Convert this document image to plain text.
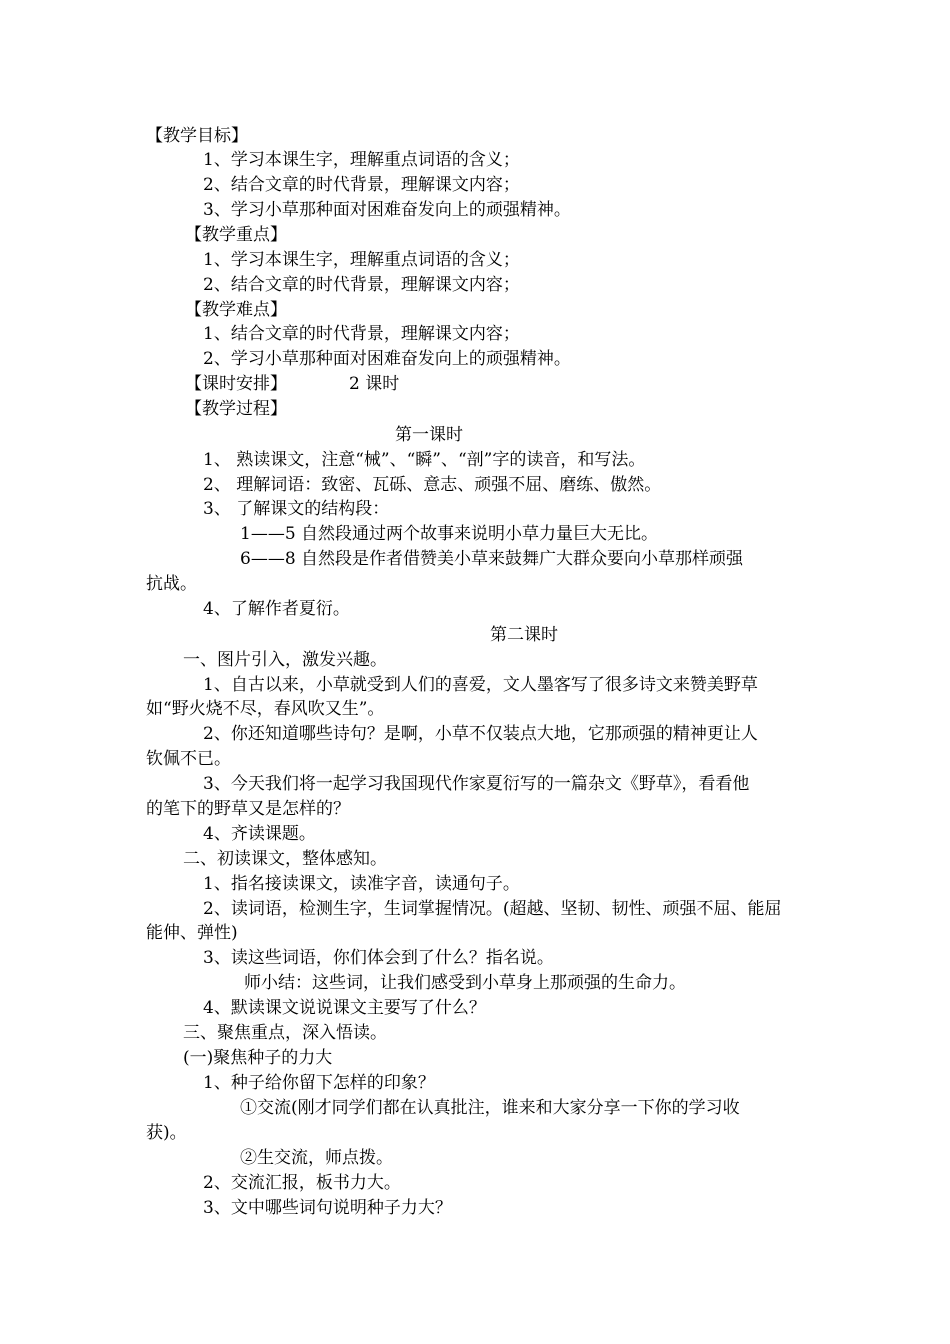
【教学目标】
1、学习本课生字，理解重点词语的含义；
2、结合文章的时代背景，理解课文内容；
3、学习小草那种面对困难奋发向上的顽强精神。
【教学重点】
1、学习本课生字，理解重点词语的含义；
2、结合文章的时代背景，理解课文内容；
【教学难点】
1、结合文章的时代背景，理解课文内容；
2、学习小草那种面对困难奋发向上的顽强精神。
【课时安排】	2 课时
【教学过程】
第一课时
1、 熟读课文，注意“械”、“瞬”、“剖”字的读音，和写法。
2、 理解词语：致密、瓦砾、意志、顽强不屈、磨练、傲然。
3、 了解课文的结构段：
1——5 自然段通过两个故事来说明小草力量巨大无比。
6——8 自然段是作者借赞美小草来鼓舞广大群众要向小草那样顽强
抗战。
4、了解作者夏衍。
第二课时
一、图片引入，激发兴趣。
1、自古以来，小草就受到人们的喜爱，文人墨客写了很多诗文来赞美野草
如“野火烧不尽，春风吹又生”。
2、你还知道哪些诗句？是啊，小草不仅装点大地，它那顽强的精神更让人
钦佩不已。
3、今天我们将一起学习我国现代作家夏衍写的一篇杂文《野草》，看看他
的笔下的野草又是怎样的？
4、齐读课题。
二、初读课文，整体感知。
1、指名接读课文，读准字音，读通句子。
2、读词语，检测生字，生词掌握情况。(超越、坚韧、韧性、顽强不屈、能屈
能伸、弹性)
3、读这些词语，你们体会到了什么？指名说。
师小结：这些词，让我们感受到小草身上那顽强的生命力。
4、默读课文说说课文主要写了什么？
三、聚焦重点，深入悟读。
(一)聚焦种子的力大
1、种子给你留下怎样的印象？
①交流(刚才同学们都在认真批注，谁来和大家分享一下你的学习收
获)。
②生交流，师点拨。
2、交流汇报，板书力大。
3、文中哪些词句说明种子力大？
